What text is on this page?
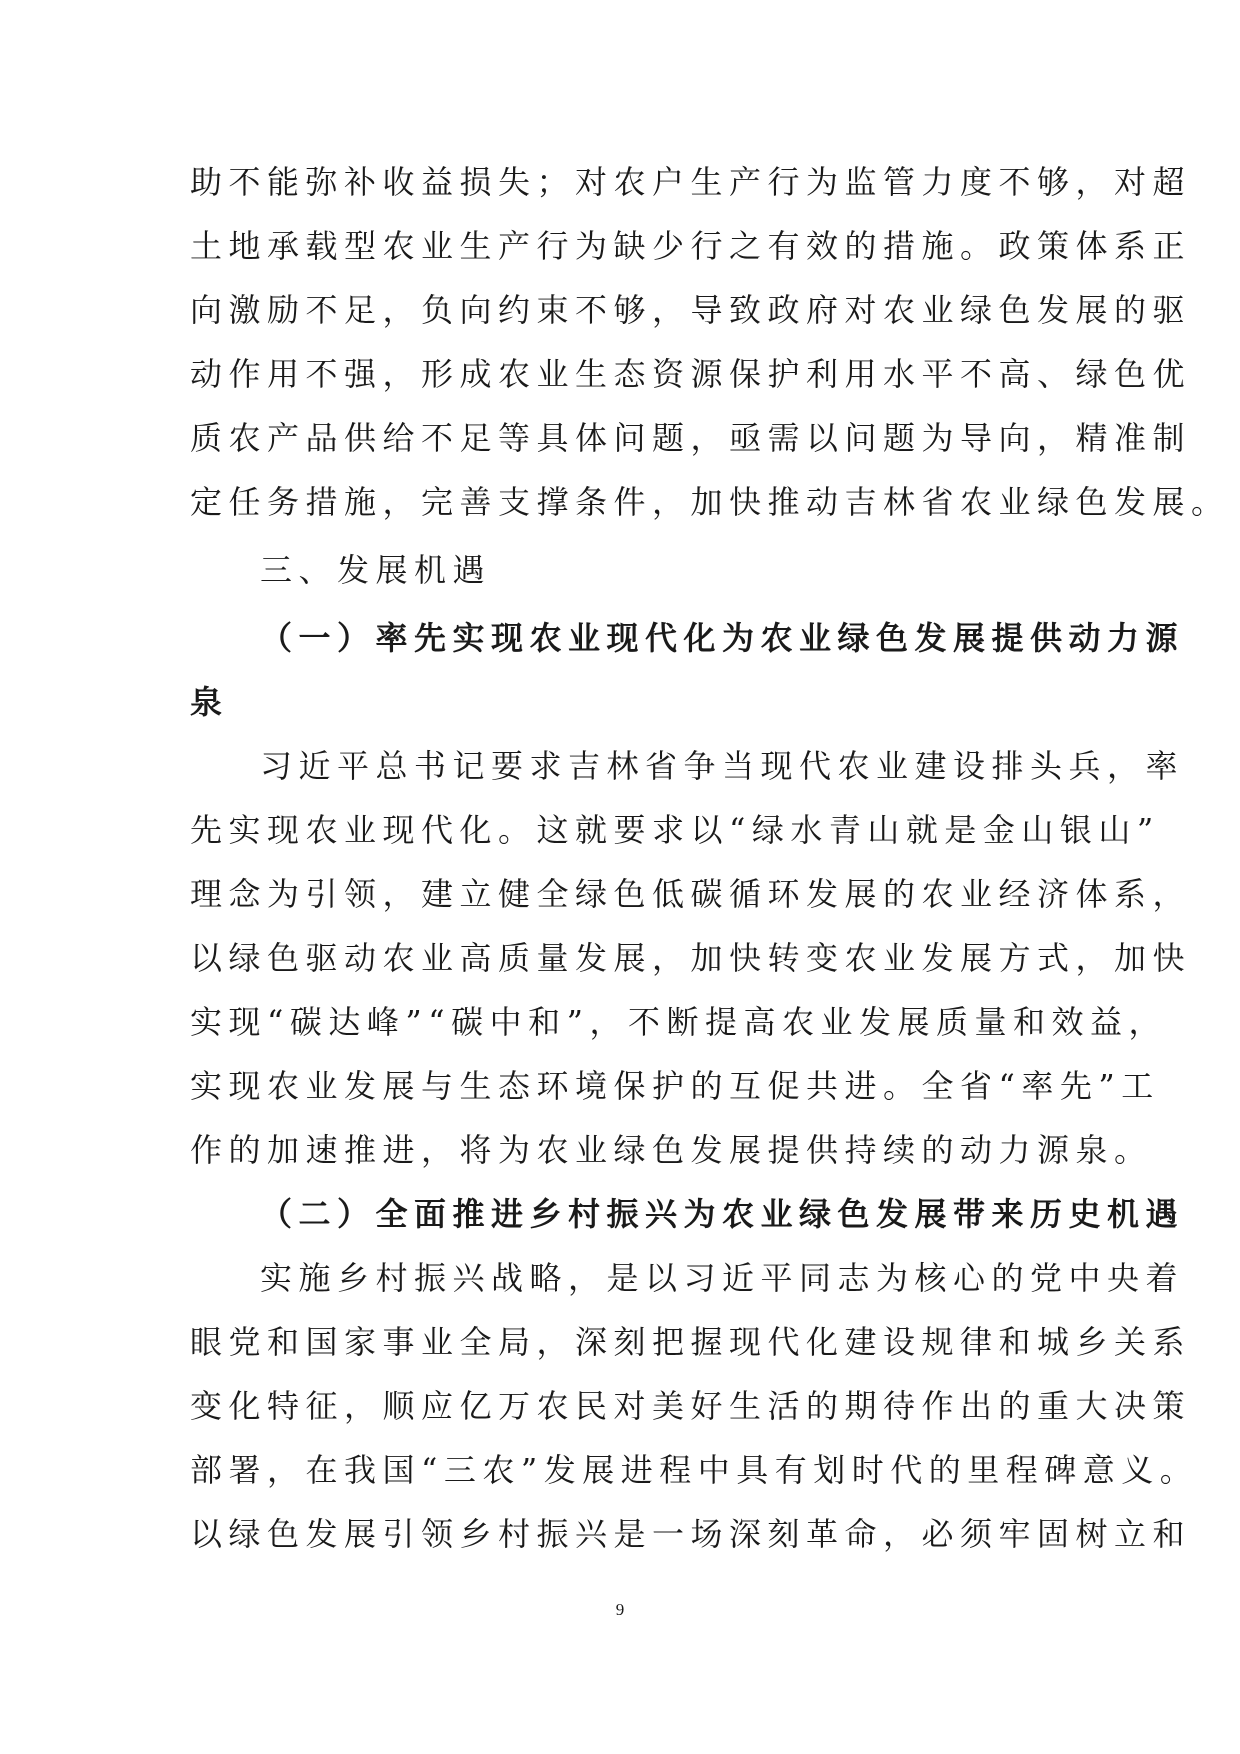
助不能弥补收益损失；对农户生产行为监管力度不够，对超
土地承载型农业生产行为缺少行之有效的措施。政策体系正
向激励不足，负向约束不够，导致政府对农业绿色发展的驱
动作用不强，形成农业生态资源保护利用水平不高、绿色优
质农产品供给不足等具体问题，亟需以问题为导向，精准制
定任务措施，完善支撑条件，加快推动吉林省农业绿色发展。
三、发展机遇
（一）率先实现农业现代化为农业绿色发展提供动力源
泉
习近平总书记要求吉林省争当现代农业建设排头兵，率
先实现农业现代化。这就要求以“绿水青山就是金山银山”
理念为引领，建立健全绿色低碳循环发展的农业经济体系，
以绿色驱动农业高质量发展，加快转变农业发展方式，加快
实现“碳达峰”“碳中和”，不断提高农业发展质量和效益，
实现农业发展与生态环境保护的互促共进。全省“率先”工
作的加速推进，将为农业绿色发展提供持续的动力源泉。
（二）全面推进乡村振兴为农业绿色发展带来历史机遇
实施乡村振兴战略，是以习近平同志为核心的党中央着
眼党和国家事业全局，深刻把握现代化建设规律和城乡关系
变化特征，顺应亿万农民对美好生活的期待作出的重大决策
部署，在我国“三农”发展进程中具有划时代的里程碑意义。
以绿色发展引领乡村振兴是一场深刻革命，必须牢固树立和
9
